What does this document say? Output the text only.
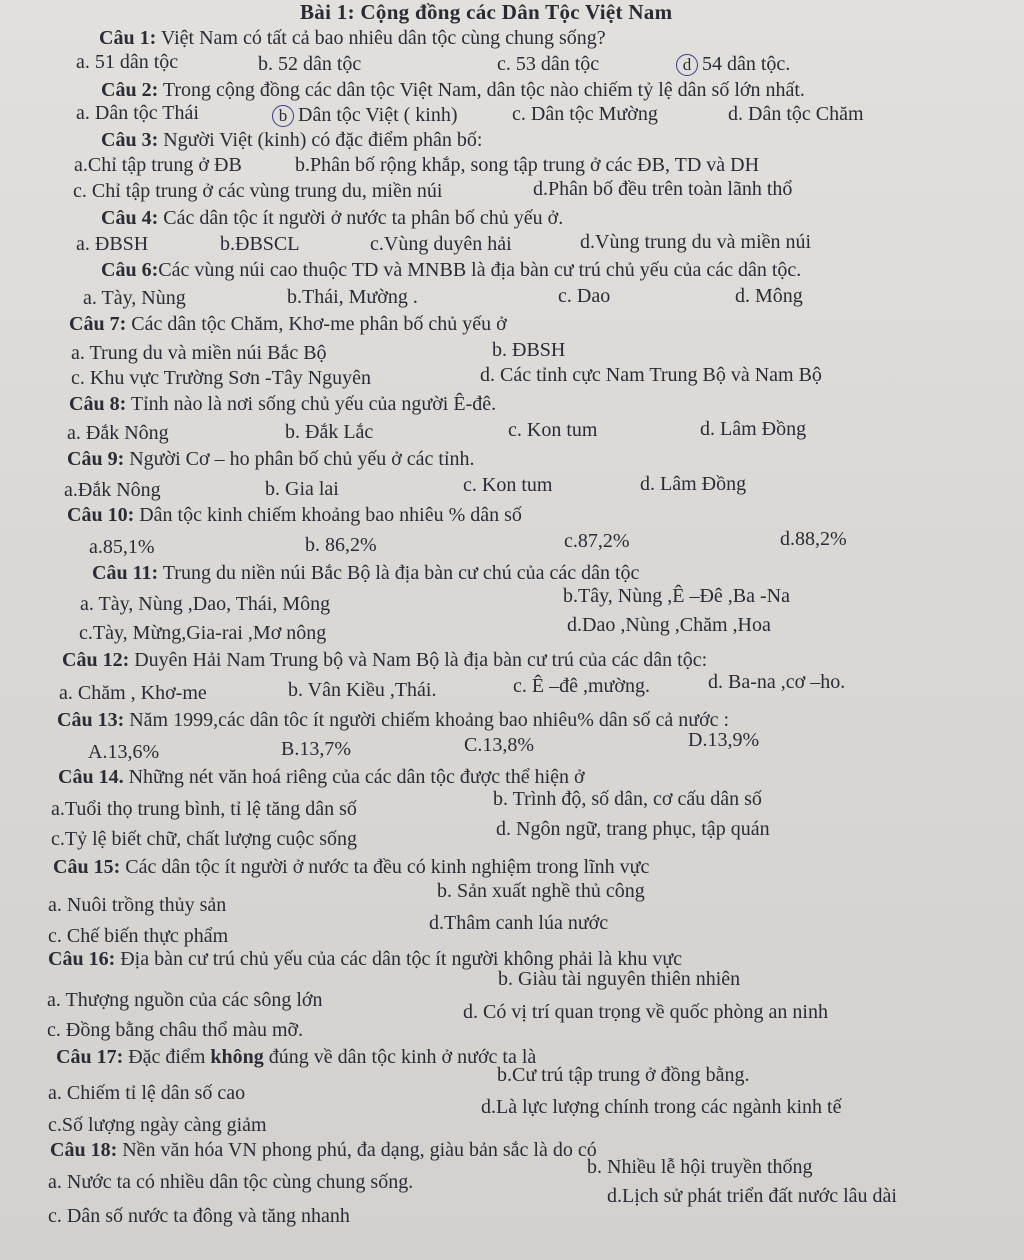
Bài 1: Cộng đồng các Dân Tộc Việt Nam
Câu 1: Việt Nam có tất cả bao nhiêu dân tộc cùng chung sống?
a. 51 dân tộc	b. 52 dân tộc	c. 53 dân tộc	d 54 dân tộc.
Câu 2: Trong cộng đồng các dân tộc Việt Nam, dân tộc nào chiếm tỷ lệ dân số lớn nhất.
a. Dân tộc Thái	b Dân tộc Việt ( kinh)	c. Dân tộc Mường	d. Dân tộc Chăm
Câu 3: Người Việt (kinh) có đặc điểm phân bố:
a.Chỉ tập trung ở ĐB	b.Phân bố rộng khắp, song tập trung ở các ĐB, TD và DH
c. Chỉ tập trung ở các vùng trung du, miền núi	d.Phân bố đều trên toàn lãnh thổ
Câu 4: Các dân tộc ít người ở nước ta phân bố chủ yếu ở.
a. ĐBSH	b.ĐBSCL	c.Vùng duyên hải	d.Vùng trung du và miền núi
Câu 6:Các vùng núi cao thuộc TD và MNBB là địa bàn cư trú chủ yếu của các dân tộc.
a. Tày, Nùng	b.Thái, Mường .	c. Dao	d. Mông
Câu 7: Các dân tộc Chăm, Khơ-me phân bố chủ yếu ở
a. Trung du và miền núi Bắc Bộ	b. ĐBSH
c. Khu vực Trường Sơn -Tây Nguyên	d. Các tỉnh cực Nam Trung Bộ và Nam Bộ
Câu 8: Tỉnh nào là nơi sống chủ yếu của người Ê-đê.
a. Đắk Nông	b. Đắk Lắc	c. Kon tum	d. Lâm Đồng
Câu 9: Người Cơ – ho phân bố chủ yếu ở các tỉnh.
a.Đắk Nông	b. Gia lai	c. Kon tum	d. Lâm Đồng
Câu 10: Dân tộc kinh chiếm khoảng bao nhiêu % dân số
a.85,1%	b. 86,2%	c.87,2%	d.88,2%
Câu 11: Trung du niền núi Bắc Bộ là địa bàn cư chú của các dân tộc
a. Tày, Nùng ,Dao, Thái, Mông	b.Tây, Nùng ,Ê –Đê ,Ba -Na
c.Tày, Mừng,Gia-rai ,Mơ nông	d.Dao ,Nùng ,Chăm ,Hoa
Câu 12: Duyên Hải Nam Trung bộ và Nam Bộ là địa bàn cư trú của các dân tộc:
a. Chăm , Khơ-me	b. Vân Kiều ,Thái.	c. Ê –đê ,mường.	d. Ba-na ,cơ –ho.
Câu 13: Năm 1999,các dân tôc ít người chiếm khoảng bao nhiêu% dân số cả nước :
A.13,6%	B.13,7%	C.13,8%	D.13,9%
Câu 14. Những nét văn hoá riêng của các dân tộc được thể hiện ở
a.Tuổi thọ trung bình, tỉ lệ tăng dân số	b. Trình độ, số dân, cơ cấu dân số
c.Tỷ lệ biết chữ, chất lượng cuộc sống	d. Ngôn ngữ, trang phục, tập quán
Câu 15: Các dân tộc ít người ở nước ta đều có kinh nghiệm trong lĩnh vực
a. Nuôi trồng thủy sản
b. Sản xuất nghề thủ công
c. Chế biến thực phẩm
d.Thâm canh lúa nước
Câu 16: Địa bàn cư trú chủ yếu của các dân tộc ít người không phải là khu vực
a. Thượng nguồn của các sông lớn
b. Giàu tài nguyên thiên nhiên
c. Đồng bằng châu thổ màu mỡ.
d. Có vị trí quan trọng về quốc phòng an ninh
Câu 17: Đặc điểm không đúng về dân tộc kinh ở nước ta là
a. Chiếm tỉ lệ dân số cao
b.Cư trú tập trung ở đồng bằng.
c.Số lượng ngày càng giảm
d.Là lực lượng chính trong các ngành kinh tế
Câu 18: Nền văn hóa VN phong phú, đa dạng, giàu bản sắc là do có
a. Nước ta có nhiều dân tộc cùng chung sống.
b. Nhiều lễ hội truyền thống
c. Dân số nước ta đông và tăng nhanh
d.Lịch sử phát triển đất nước lâu dài
